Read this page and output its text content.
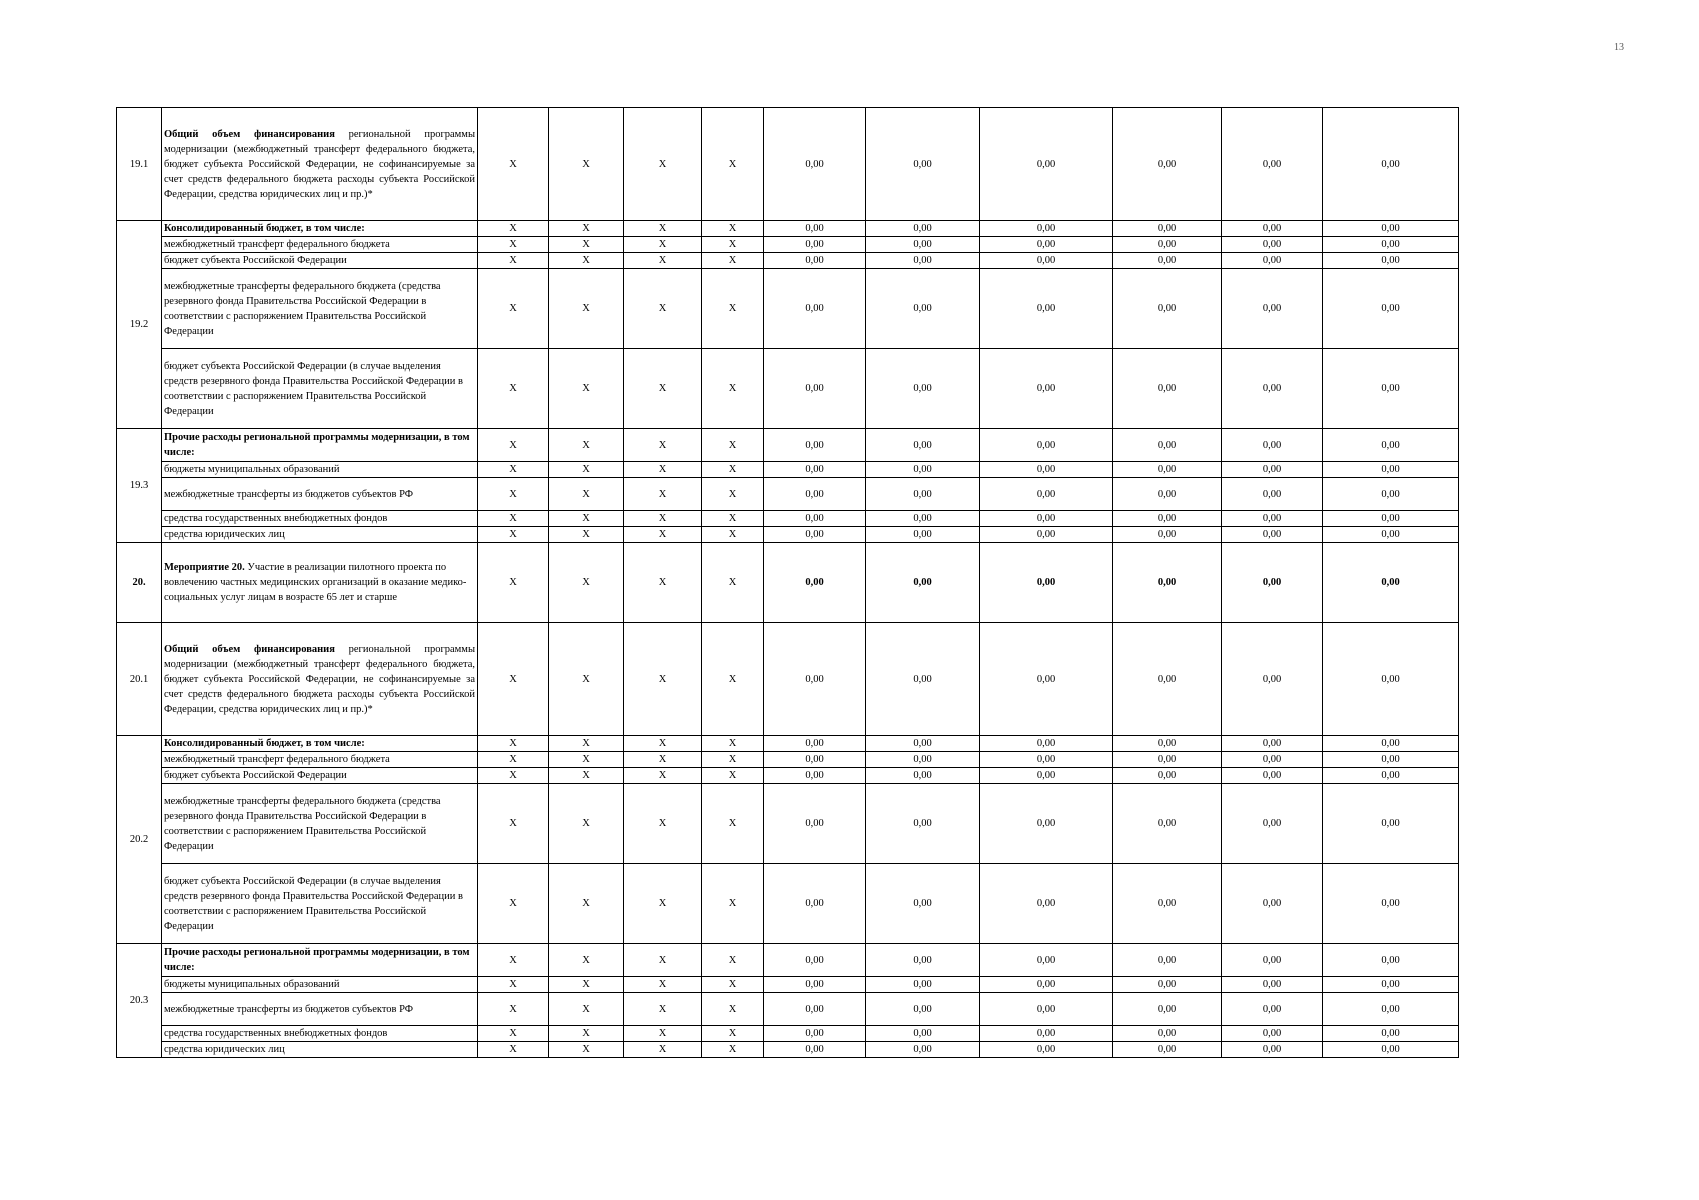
13
19.1	Общий объем финансирования региональной программы модернизации (межбюджетный трансферт федерального бюджета, бюджет субъекта Российской Федерации, не софинансируемые за счет средств федерального бюджета расходы субъекта Российской Федерации, средства юридических лиц и пр.)*	X	X	X	X	0,00	0,00	0,00	0,00	0,00	0,00
19.2	Консолидированный бюджет, в том числе:	X	X	X	X	0,00	0,00	0,00	0,00	0,00	0,00
	межбюджетный трансферт федерального бюджета	X	X	X	X	0,00	0,00	0,00	0,00	0,00	0,00
	бюджет субъекта Российской Федерации	X	X	X	X	0,00	0,00	0,00	0,00	0,00	0,00
	межбюджетные трансферты федерального бюджета (средства резервного фонда Правительства Российской Федерации в соответствии с распоряжением Правительства Российской Федерации	X	X	X	X	0,00	0,00	0,00	0,00	0,00	0,00
	бюджет субъекта Российской Федерации (в случае выделения средств резервного фонда Правительства Российской Федерации в соответствии с распоряжением Правительства Российской Федерации	X	X	X	X	0,00	0,00	0,00	0,00	0,00	0,00
19.3	Прочие расходы региональной программы модернизации, в том числе:	X	X	X	X	0,00	0,00	0,00	0,00	0,00	0,00
	бюджеты муниципальных образований	X	X	X	X	0,00	0,00	0,00	0,00	0,00	0,00
	межбюджетные трансферты из бюджетов субъектов РФ	X	X	X	X	0,00	0,00	0,00	0,00	0,00	0,00
	средства государственных внебюджетных фондов	X	X	X	X	0,00	0,00	0,00	0,00	0,00	0,00
	средства юридических лиц	X	X	X	X	0,00	0,00	0,00	0,00	0,00	0,00
20.	Мероприятие 20. Участие в реализации пилотного проекта по вовлечению частных медицинских организаций в оказание медико-социальных услуг лицам в возрасте 65 лет и старше	X	X	X	X	0,00	0,00	0,00	0,00	0,00	0,00
20.1	Общий объем финансирования региональной программы модернизации (межбюджетный трансферт федерального бюджета, бюджет субъекта Российской Федерации, не софинансируемые за счет средств федерального бюджета расходы субъекта Российской Федерации, средства юридических лиц и пр.)*	X	X	X	X	0,00	0,00	0,00	0,00	0,00	0,00
20.2	Консолидированный бюджет, в том числе:	X	X	X	X	0,00	0,00	0,00	0,00	0,00	0,00
	межбюджетный трансферт федерального бюджета	X	X	X	X	0,00	0,00	0,00	0,00	0,00	0,00
	бюджет субъекта Российской Федерации	X	X	X	X	0,00	0,00	0,00	0,00	0,00	0,00
	межбюджетные трансферты федерального бюджета (средства резервного фонда Правительства Российской Федерации в соответствии с распоряжением Правительства Российской Федерации	X	X	X	X	0,00	0,00	0,00	0,00	0,00	0,00
	бюджет субъекта Российской Федерации (в случае выделения средств резервного фонда Правительства Российской Федерации в соответствии с распоряжением Правительства Российской Федерации	X	X	X	X	0,00	0,00	0,00	0,00	0,00	0,00
20.3	Прочие расходы региональной программы модернизации, в том числе:	X	X	X	X	0,00	0,00	0,00	0,00	0,00	0,00
	бюджеты муниципальных образований	X	X	X	X	0,00	0,00	0,00	0,00	0,00	0,00
	межбюджетные трансферты из бюджетов субъектов РФ	X	X	X	X	0,00	0,00	0,00	0,00	0,00	0,00
	средства государственных внебюджетных фондов	X	X	X	X	0,00	0,00	0,00	0,00	0,00	0,00
	средства юридических лиц	X	X	X	X	0,00	0,00	0,00	0,00	0,00	0,00
